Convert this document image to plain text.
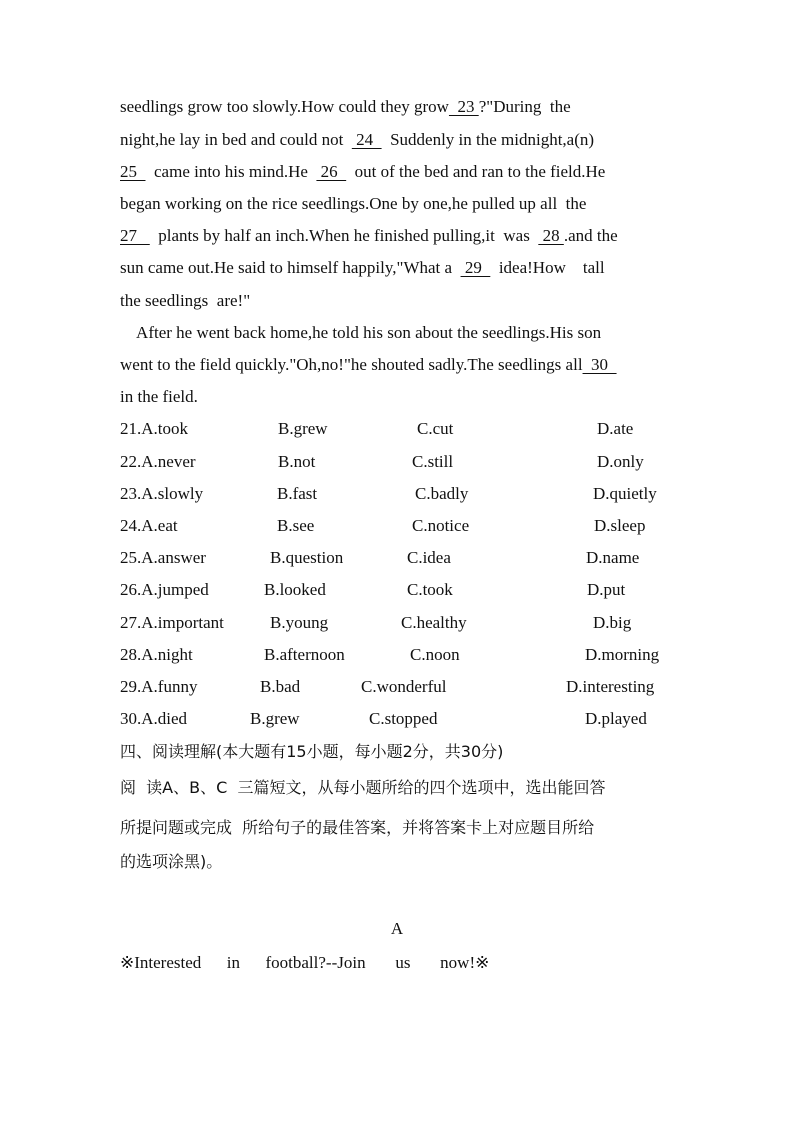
seedlings grow too slowly.How could they grow  23 ?"During  the
night,he lay in bed and could not   24    Suddenly in the midnight,a(n)
25    came into his mind.He   26    out of the bed and ran to the field.He
began working on the rice seedlings.One by one,he pulled up all  the
27     plants by half an inch.When he finished pulling,it  was   28 .and the
sun came out.He said to himself happily,"What a   29    idea!How    tall
the seedlings  are!"
After he went back home,he told his son about the seedlings.His son
went to the field quickly."Oh,no!"he shouted sadly.The seedlings all  30
in the field.
21.A.took	B.grew	C.cut	D.ate
22.A.never	B.not	C.still	D.only
23.A.slowly	B.fast	C.badly	D.quietly
24.A.eat	B.see	C.notice	D.sleep
25.A.answer	B.question	C.idea	D.name
26.A.jumped	B.looked	C.took	D.put
27.A.important	B.young	C.healthy	D.big
28.A.night	B.afternoon	C.noon	D.morning
29.A.funny	B.bad	C.wonderful	D.interesting
30.A.died	B.grew	C.stopped	D.played
四、阅读理解(本大题有15小题，每小题2分，共30分)
阅  读A、B、C  三篇短文，从每小题所给的四个选项中，选出能回答
所提问题或完成  所给句子的最佳答案，并将答案卡上对应题目所给
的选项涂黑)。
A
※Interested      in      football?--Join       us       now!※
